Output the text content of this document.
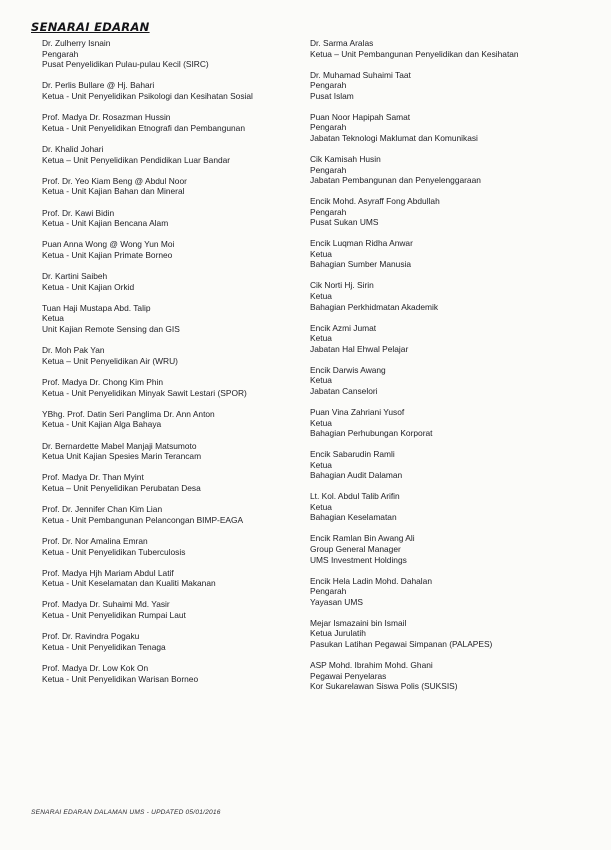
SENARAI EDARAN
Dr. Zulherry Isnain
Pengarah
Pusat Penyelidikan Pulau-pulau Kecil (SIRC)
Dr. Perlis Bullare @ Hj. Bahari
Ketua - Unit Penyelidikan Psikologi dan Kesihatan Sosial
Prof. Madya Dr. Rosazman Hussin
Ketua - Unit Penyelidikan Etnografi dan Pembangunan
Dr. Khalid Johari
Ketua – Unit Penyelidikan Pendidikan Luar Bandar
Prof. Dr. Yeo Kiam Beng @ Abdul Noor
Ketua - Unit Kajian Bahan dan Mineral
Prof. Dr. Kawi Bidin
Ketua - Unit Kajian Bencana Alam
Puan Anna Wong @ Wong Yun Moi
Ketua - Unit Kajian Primate Borneo
Dr. Kartini Saibeh
Ketua - Unit Kajian Orkid
Tuan Haji Mustapa Abd. Talip
Ketua
Unit Kajian Remote Sensing dan GIS
Dr. Moh Pak Yan
Ketua – Unit Penyelidikan Air (WRU)
Prof. Madya Dr. Chong Kim Phin
Ketua - Unit Penyelidikan Minyak Sawit Lestari (SPOR)
YBhg. Prof. Datin Seri Panglima Dr. Ann Anton
Ketua - Unit Kajian Alga Bahaya
Dr. Bernardette Mabel Manjaji Matsumoto
Ketua Unit Kajian Spesies Marin Terancam
Prof. Madya Dr. Than Myint
Ketua – Unit Penyelidikan Perubatan Desa
Prof. Dr. Jennifer Chan Kim Lian
Ketua - Unit Pembangunan Pelancongan BIMP-EAGA
Prof. Dr. Nor Amalina Emran
Ketua - Unit Penyelidikan Tuberculosis
Prof. Madya Hjh Mariam Abdul Latif
Ketua - Unit Keselamatan dan Kualiti Makanan
Prof. Madya Dr. Suhaimi Md. Yasir
Ketua - Unit Penyelidikan Rumpai Laut
Prof. Dr. Ravindra Pogaku
Ketua - Unit Penyelidikan Tenaga
Prof. Madya Dr. Low Kok On
Ketua - Unit Penyelidikan Warisan Borneo
Dr. Sarma Aralas
Ketua – Unit Pembangunan Penyelidikan dan Kesihatan
Dr. Muhamad Suhaimi Taat
Pengarah
Pusat Islam
Puan Noor Hapipah Samat
Pengarah
Jabatan Teknologi Maklumat dan Komunikasi
Cik Kamisah Husin
Pengarah
Jabatan Pembangunan dan Penyelenggaraan
Encik Mohd. Asyraff Fong Abdullah
Pengarah
Pusat Sukan UMS
Encik Luqman Ridha Anwar
Ketua
Bahagian Sumber Manusia
Cik Norti Hj. Sirin
Ketua
Bahagian Perkhidmatan Akademik
Encik Azmi Jumat
Ketua
Jabatan Hal Ehwal Pelajar
Encik Darwis Awang
Ketua
Jabatan Canselori
Puan Vina Zahriani Yusof
Ketua
Bahagian Perhubungan Korporat
Encik Sabarudin Ramli
Ketua
Bahagian Audit Dalaman
Lt. Kol. Abdul Talib Arifin
Ketua
Bahagian Keselamatan
Encik Ramlan Bin Awang Ali
Group General Manager
UMS Investment Holdings
Encik Hela Ladin Mohd. Dahalan
Pengarah
Yayasan UMS
Mejar Ismazaini bin Ismail
Ketua Jurulatih
Pasukan Latihan Pegawai Simpanan (PALAPES)
ASP Mohd. Ibrahim Mohd. Ghani
Pegawai Penyelaras
Kor Sukarelawan Siswa Polis (SUKSIS)
SENARAI EDARAN DALAMAN UMS - UPDATED 05/01/2016
